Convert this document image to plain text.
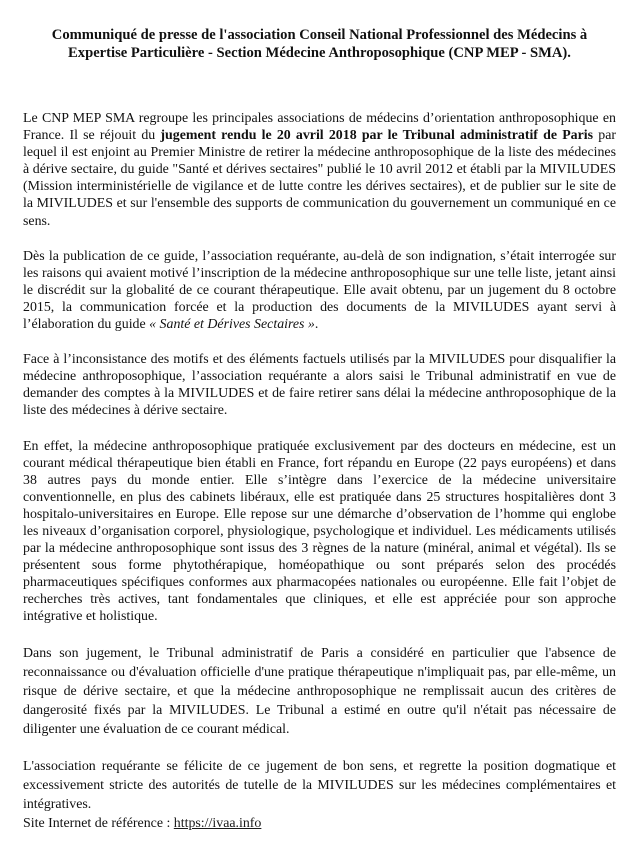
Communiqué de presse de l'association Conseil National Professionnel des Médecins à Expertise Particulière - Section Médecine Anthroposophique (CNP MEP - SMA).

Le CNP MEP SMA regroupe les principales associations de médecins d’orientation anthroposophique en France. Il se réjouit du jugement rendu le 20 avril 2018 par le Tribunal administratif de Paris par lequel il est enjoint au Premier Ministre de retirer la médecine anthroposophique de la liste des médecines à dérive sectaire, du guide "Santé et dérives sectaires" publié le 10 avril 2012 et établi par la MIVILUDES (Mission interministérielle de vigilance et de lutte contre les dérives sectaires), et de publier sur le site de la MIVILUDES et sur l'ensemble des supports de communication du gouvernement un communiqué en ce sens.

Dès la publication de ce guide, l’association requérante, au-delà de son indignation, s’était interrogée sur les raisons qui avaient motivé l’inscription de la médecine anthroposophique sur une telle liste, jetant ainsi le discrédit sur la globalité de ce courant thérapeutique. Elle avait obtenu, par un jugement du 8 octobre 2015, la communication forcée et la production des documents de la MIVILUDES ayant servi à l’élaboration du guide « Santé et Dérives Sectaires ».

Face à l’inconsistance des motifs et des éléments factuels utilisés par la MIVILUDES pour disqualifier la médecine anthroposophique, l’association requérante a alors saisi le Tribunal administratif en vue de demander des comptes à la MIVILUDES et de faire retirer sans délai la médecine anthroposophique de la liste des médecines à dérive sectaire.

En effet, la médecine anthroposophique pratiquée exclusivement par des docteurs en médecine, est un courant médical thérapeutique bien établi en France, fort répandu en Europe (22 pays européens) et dans 38 autres pays du monde entier. Elle s’intègre dans l’exercice de la médecine universitaire conventionnelle, en plus des cabinets libéraux, elle est pratiquée dans 25 structures hospitalières dont 3 hospitalo-universitaires en Europe. Elle repose sur une démarche d’observation de l’homme qui englobe les niveaux d’organisation corporel, physiologique, psychologique et individuel. Les médicaments utilisés par la médecine anthroposophique sont issus des 3 règnes de la nature (minéral, animal et végétal). Ils se présentent sous forme phytothérapique, homéopathique ou sont préparés selon des procédés pharmaceutiques spécifiques conformes aux pharmacopées nationales ou européenne. Elle fait l’objet de recherches très actives, tant fondamentales que cliniques, et elle est appréciée pour son approche intégrative et holistique.

Dans son jugement, le Tribunal administratif de Paris a considéré en particulier que l'absence de reconnaissance ou d'évaluation officielle d'une pratique thérapeutique n'impliquait pas, par elle-même, un risque de dérive sectaire, et que la médecine anthroposophique ne remplissait aucun des critères de dangerosité fixés par la MIVILUDES. Le Tribunal a estimé en outre qu'il n'était pas nécessaire de diligenter une évaluation de ce courant médical.

L'association requérante se félicite de ce jugement de bon sens, et regrette la position dogmatique et excessivement stricte des autorités de tutelle de la MIVILUDES sur les médecines complémentaires et intégratives.
Site Internet de référence : https://ivaa.info
